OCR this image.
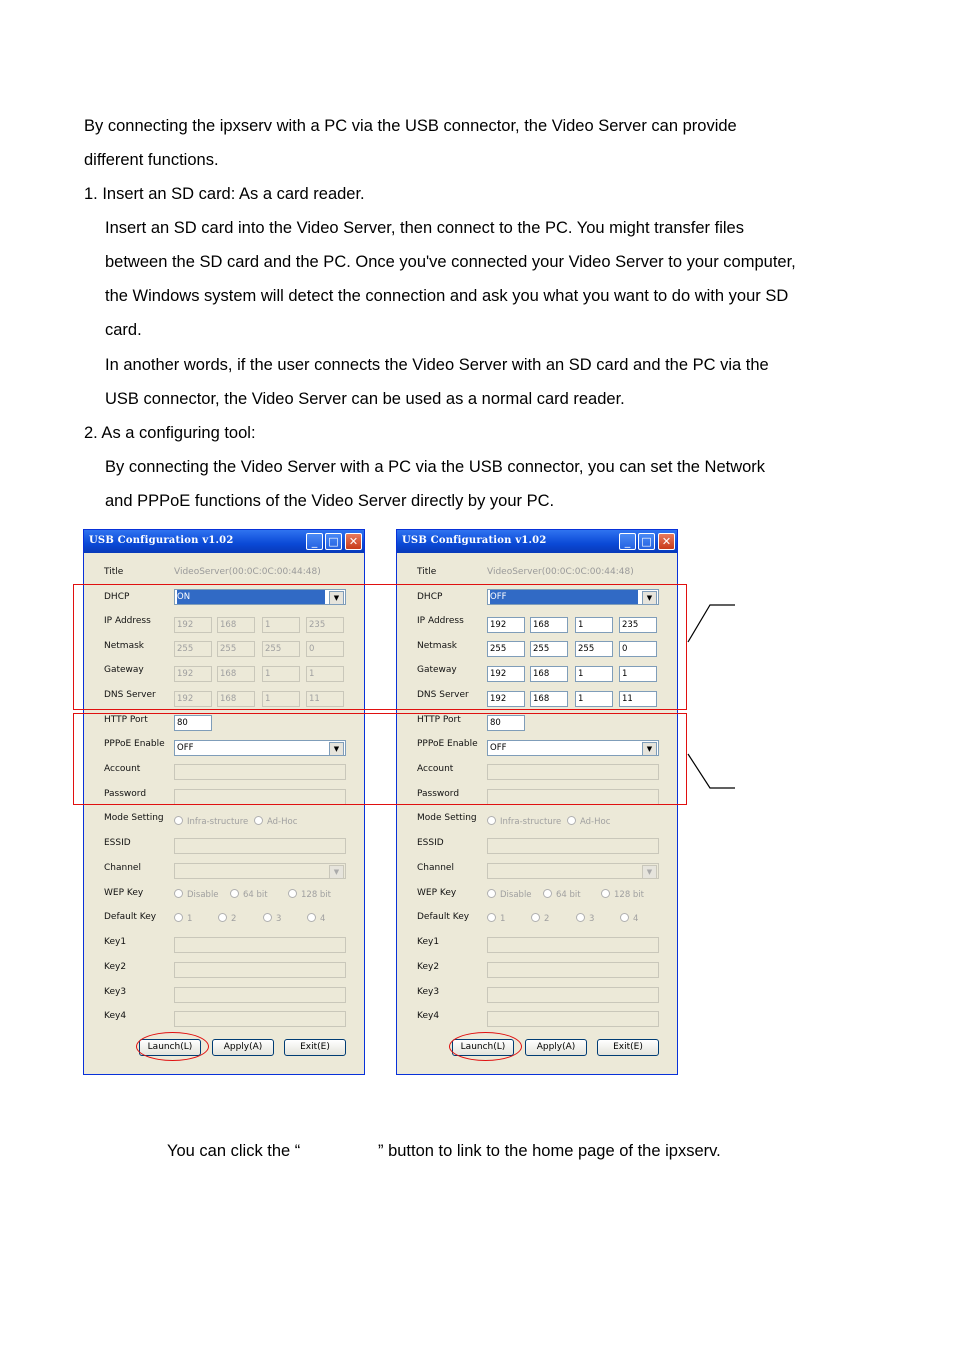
By connecting the ipxserv with a PC via the USB connector, the Video Server can provide
different functions.
1. Insert an SD card: As a card reader.
Insert an SD card into the Video Server, then connect to the PC. You might transfer files
between the SD card and the PC. Once you've connected your Video Server to your computer,
the Windows system will detect the connection and ask you what you want to do with your SD
card.
In another words, if the user connects the Video Server with an SD card and the PC via the
USB connector, the Video Server can be used as a normal card reader.
2. As a configuring tool:
By connecting the Video Server with a PC via the USB connector, you can set the Network
and PPPoE functions of the Video Server directly by your PC.
USB Configuration v1.02	_	□ ✕
Title	VideoServer(00:0C:0C:00:44:48)
DHCP	ON	▼
IP Address	192	168	1	235
Netmask	255	255	255	0
Gateway	192	168	1	1
DNS Server	192	168	1	11
HTTP Port	80
PPPoE Enable	OFF	▼
Account
Password
Mode Setting	Infra-structure	Ad-Hoc
ESSID
Channel	▼
WEP Key	Disable	64 bit	128 bit
Default Key	1	2	3	4
Key1
Key2
Key3
Key4
Launch(L)	Apply(A)	Exit(E)
USB Configuration v1.02	_	□ ✕
Title	VideoServer(00:0C:0C:00:44:48)
DHCP	OFF	▼
IP Address	192	168	1	235
Netmask	255	255	255	0
Gateway	192	168	1	1
DNS Server	192	168	1	11
HTTP Port	80
PPPoE Enable	OFF	▼
Account
Password
Mode Setting	Infra-structure	Ad-Hoc
ESSID
Channel	▼
WEP Key	Disable	64 bit	128 bit
Default Key	1	2	3	4
Key1
Key2
Key3
Key4
Launch(L)	Apply(A)	Exit(E)
You can click the “	” button to link to the home page of the ipxserv.
